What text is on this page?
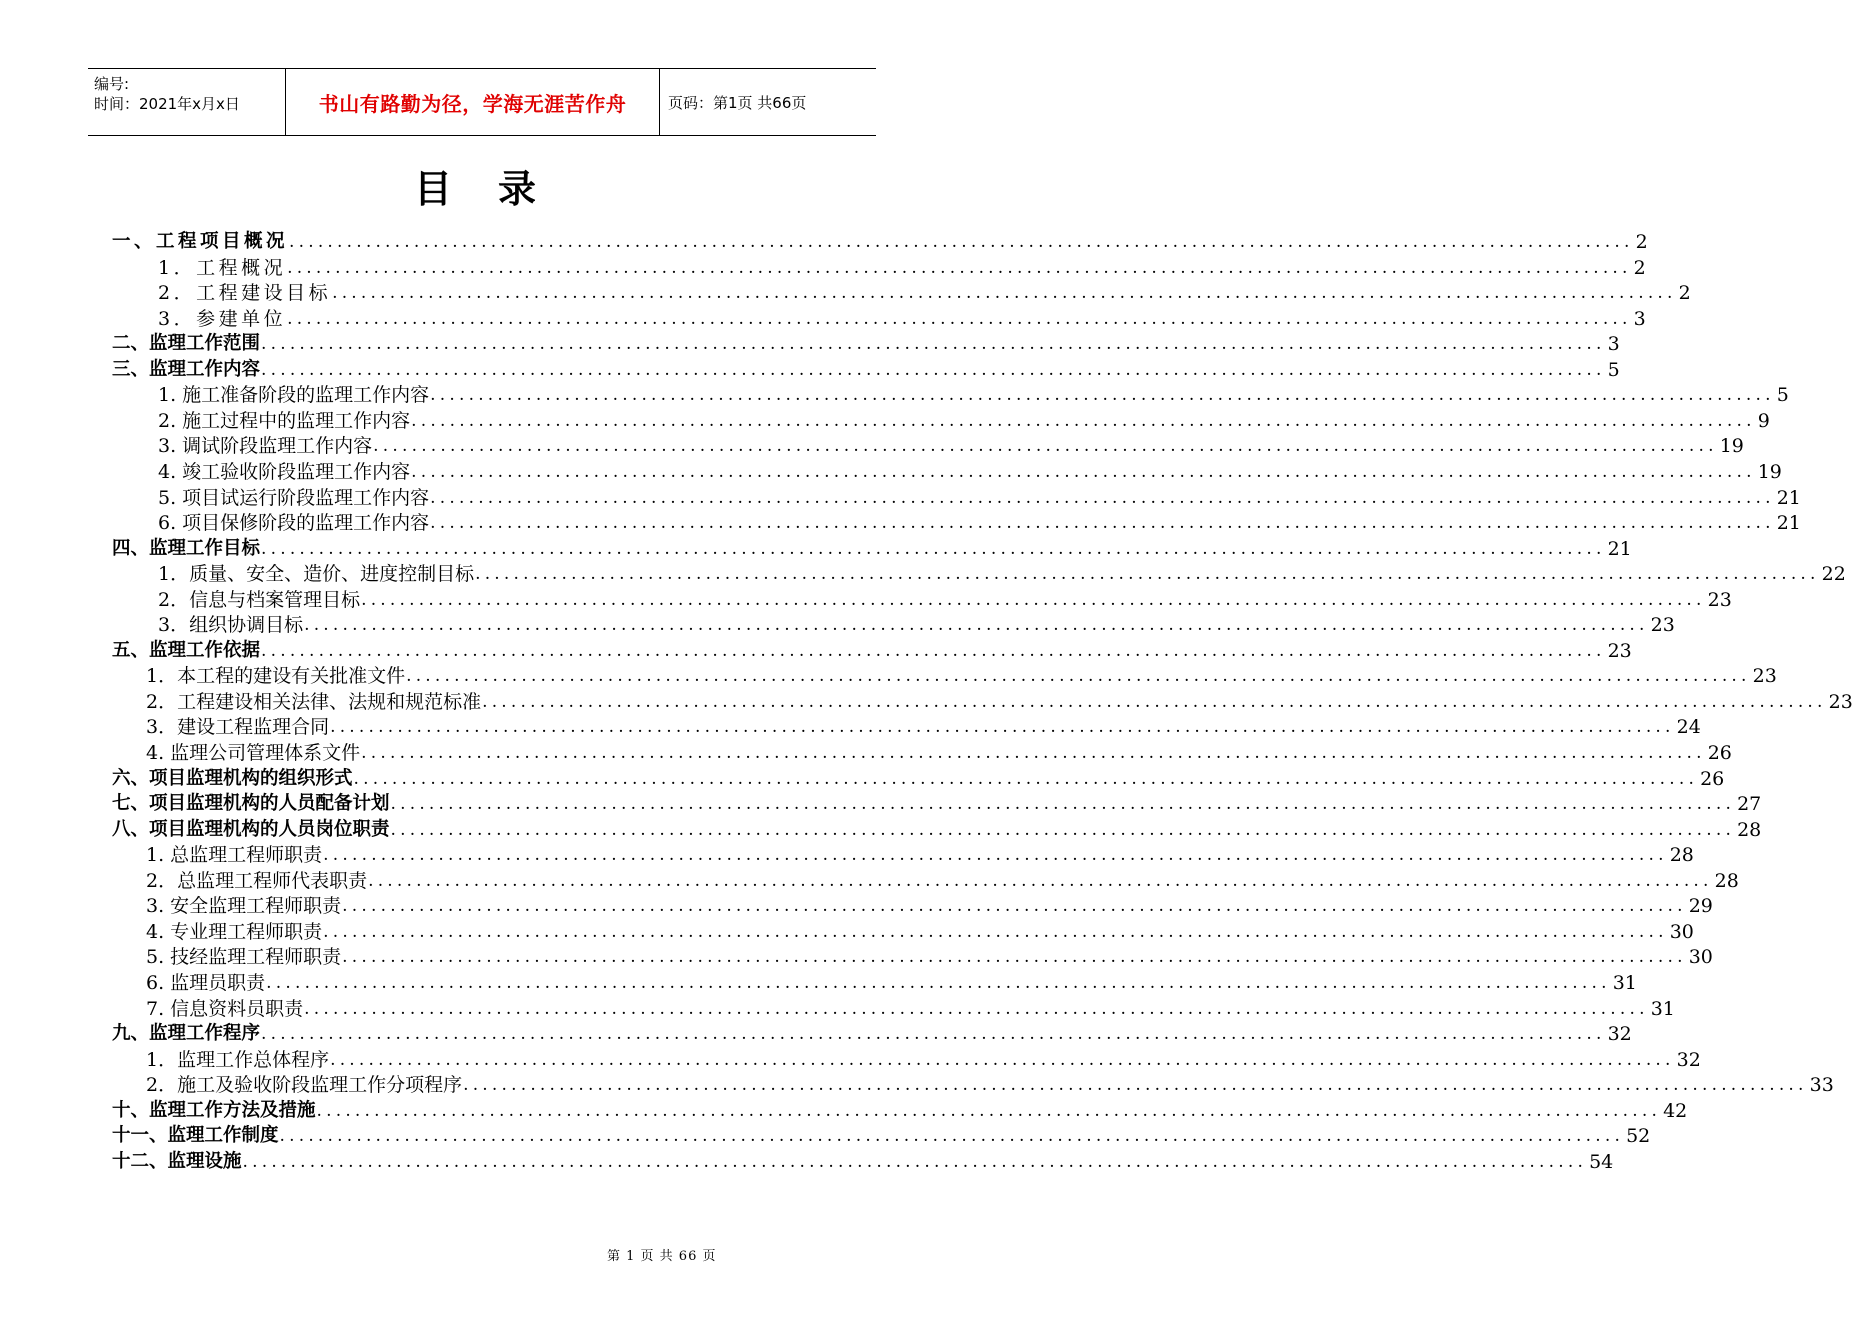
编号:
时间：2021年x月x日	书山有路勤为径，学海无涯苦作舟	页码：第1页 共66页
目录
一、工程项目概况 ............................................................................................................................................ 2
1．工程概况 ............................................................................................................................................ 2
2．工程建设目标 ............................................................................................................................................ 2
3．参建单位 ............................................................................................................................................ 3
二、监理工作范围 ............................................................................................................................................ 3
三、监理工作内容 ............................................................................................................................................ 5
1. 施工准备阶段的监理工作内容 ............................................................................................................................................ 5
2. 施工过程中的监理工作内容 ............................................................................................................................................ 9
3. 调试阶段监理工作内容 ............................................................................................................................................ 19
4. 竣工验收阶段监理工作内容 ............................................................................................................................................ 19
5. 项目试运行阶段监理工作内容 ............................................................................................................................................ 21
6. 项目保修阶段的监理工作内容 ............................................................................................................................................ 21
四、监理工作目标 ............................................................................................................................................ 21
1．质量、安全、造价、进度控制目标 ............................................................................................................................................ 22
2．信息与档案管理目标 ............................................................................................................................................ 23
3．组织协调目标 ............................................................................................................................................ 23
五、监理工作依据 ............................................................................................................................................ 23
1．本工程的建设有关批准文件 ............................................................................................................................................ 23
2．工程建设相关法律、法规和规范标准 ............................................................................................................................................ 23
3．建设工程监理合同 ............................................................................................................................................ 24
4. 监理公司管理体系文件 ............................................................................................................................................ 26
六、项目监理机构的组织形式 ............................................................................................................................................ 26
七、项目监理机构的人员配备计划 ............................................................................................................................................ 27
八、项目监理机构的人员岗位职责 ............................................................................................................................................ 28
1. 总监理工程师职责 ............................................................................................................................................ 28
2．总监理工程师代表职责 ............................................................................................................................................ 28
3. 安全监理工程师职责 ............................................................................................................................................ 29
4. 专业理工程师职责 ............................................................................................................................................ 30
5. 技经监理工程师职责 ............................................................................................................................................ 30
6. 监理员职责 ............................................................................................................................................ 31
7. 信息资料员职责 ............................................................................................................................................ 31
九、监理工作程序 ............................................................................................................................................ 32
1．监理工作总体程序 ............................................................................................................................................ 32
2．施工及验收阶段监理工作分项程序 ............................................................................................................................................ 33
十、监理工作方法及措施 ............................................................................................................................................ 42
十一、监理工作制度 ............................................................................................................................................ 52
十二、监理设施 ............................................................................................................................................ 54
第 1 页 共 66 页
